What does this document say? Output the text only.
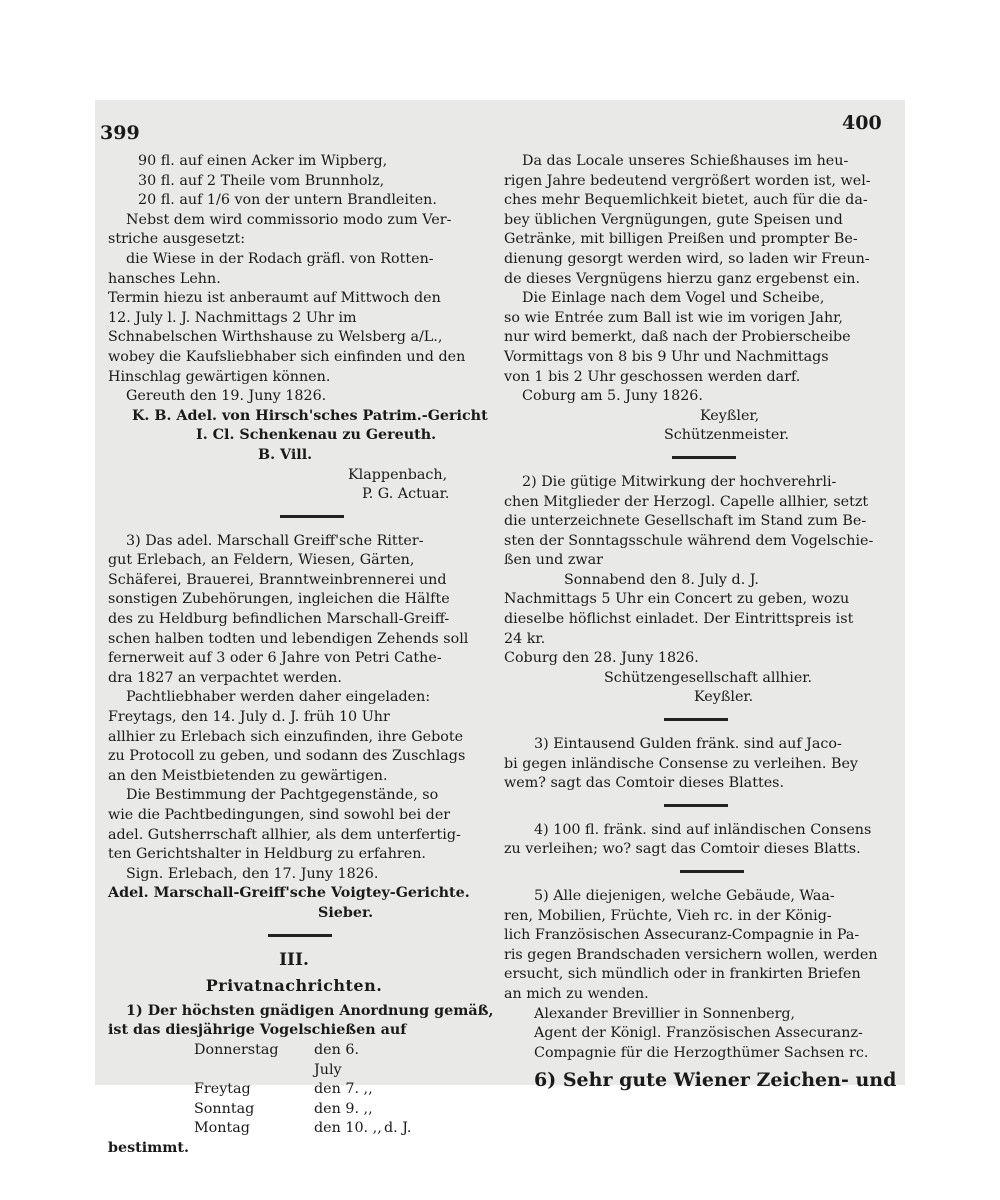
399	400

90 fl. auf einen Acker im Wipberg,

30 fl. auf 2 Theile vom Brunnholz,

20 fl. auf 1/6 von der untern Brandleiten.

Nebst dem wird commissorio modo zum Ver-

striche ausgesetzt:

die Wiese in der Rodach gräfl. von Rotten-

hansches Lehn.

Termin hiezu ist anberaumt auf Mittwoch den

12. July l. J. Nachmittags 2 Uhr im

Schnabelschen Wirthshause zu Welsberg a/L.,

wobey die Kaufsliebhaber sich einfinden und den

Hinschlag gewärtigen können.

Gereuth den 19. Juny 1826.

K. B. Adel. von Hirsch'sches Patrim.-Gericht

I. Cl. Schenkenau zu Gereuth.

B. Vill.

Klappenbach,

P. G. Actuar.

3) Das adel. Marschall Greiff'sche Ritter-

gut Erlebach, an Feldern, Wiesen, Gärten,

Schäferei, Brauerei, Branntweinbrennerei und

sonstigen Zubehörungen, ingleichen die Hälfte

des zu Heldburg befindlichen Marschall-Greiff-

schen halben todten und lebendigen Zehends soll

fernerweit auf 3 oder 6 Jahre von Petri Cathe-

dra 1827 an verpachtet werden.

Pachtliebhaber werden daher eingeladen:

Freytags, den 14. July d. J. früh 10 Uhr

allhier zu Erlebach sich einzufinden, ihre Gebote

zu Protocoll zu geben, und sodann des Zuschlags

an den Meistbietenden zu gewärtigen.

Die Bestimmung der Pachtgegenstände, so

wie die Pachtbedingungen, sind sowohl bei der

adel. Gutsherrschaft allhier, als dem unterfertig-

ten Gerichtshalter in Heldburg zu erfahren.

Sign. Erlebach, den 17. Juny 1826.

Adel. Marschall-Greiff'sche Voigtey-Gerichte.

Sieber.

III.

Privatnachrichten.

1) Der höchsten gnädigen Anordnung gemäß,

ist das diesjährige Vogelschießen auf

Donnerstag	den 6. July
Freytag	den 7. ,,
Sonntag	den 9. ,,
Montag	den 10. ,, d. J.

bestimmt.

Da das Locale unseres Schießhauses im heu-

rigen Jahre bedeutend vergrößert worden ist, wel-

ches mehr Bequemlichkeit bietet, auch für die da-

bey üblichen Vergnügungen, gute Speisen und

Getränke, mit billigen Preißen und prompter Be-

dienung gesorgt werden wird, so laden wir Freun-

de dieses Vergnügens hierzu ganz ergebenst ein.

Die Einlage nach dem Vogel und Scheibe,

so wie Entrée zum Ball ist wie im vorigen Jahr,

nur wird bemerkt, daß nach der Probierscheibe

Vormittags von 8 bis 9 Uhr und Nachmittags

von 1 bis 2 Uhr geschossen werden darf.

Coburg am 5. Juny 1826.

Keyßler,

Schützenmeister.

2) Die gütige Mitwirkung der hochverehrli-

chen Mitglieder der Herzogl. Capelle allhier, setzt

die unterzeichnete Gesellschaft im Stand zum Be-

sten der Sonntagsschule während dem Vogelschie-

ßen und zwar

Sonnabend den 8. July d. J.

Nachmittags 5 Uhr ein Concert zu geben, wozu

dieselbe höflichst einladet. Der Eintrittspreis ist

24 kr.

Coburg den 28. Juny 1826.

Schützengesellschaft allhier.

Keyßler.

3) Eintausend Gulden fränk. sind auf Jaco-

bi gegen inländische Consense zu verleihen. Bey

wem? sagt das Comtoir dieses Blattes.

4) 100 fl. fränk. sind auf inländischen Consens

zu verleihen; wo? sagt das Comtoir dieses Blatts.

5) Alle diejenigen, welche Gebäude, Waa-

ren, Mobilien, Früchte, Vieh rc. in der König-

lich Französischen Assecuranz-Compagnie in Pa-

ris gegen Brandschaden versichern wollen, werden

ersucht, sich mündlich oder in frankirten Briefen

an mich zu wenden.

Alexander Brevillier in Sonnenberg,

Agent der Königl. Französischen Assecuranz-

Compagnie für die Herzogthümer Sachsen rc.

6) Sehr gute Wiener Zeichen- und
